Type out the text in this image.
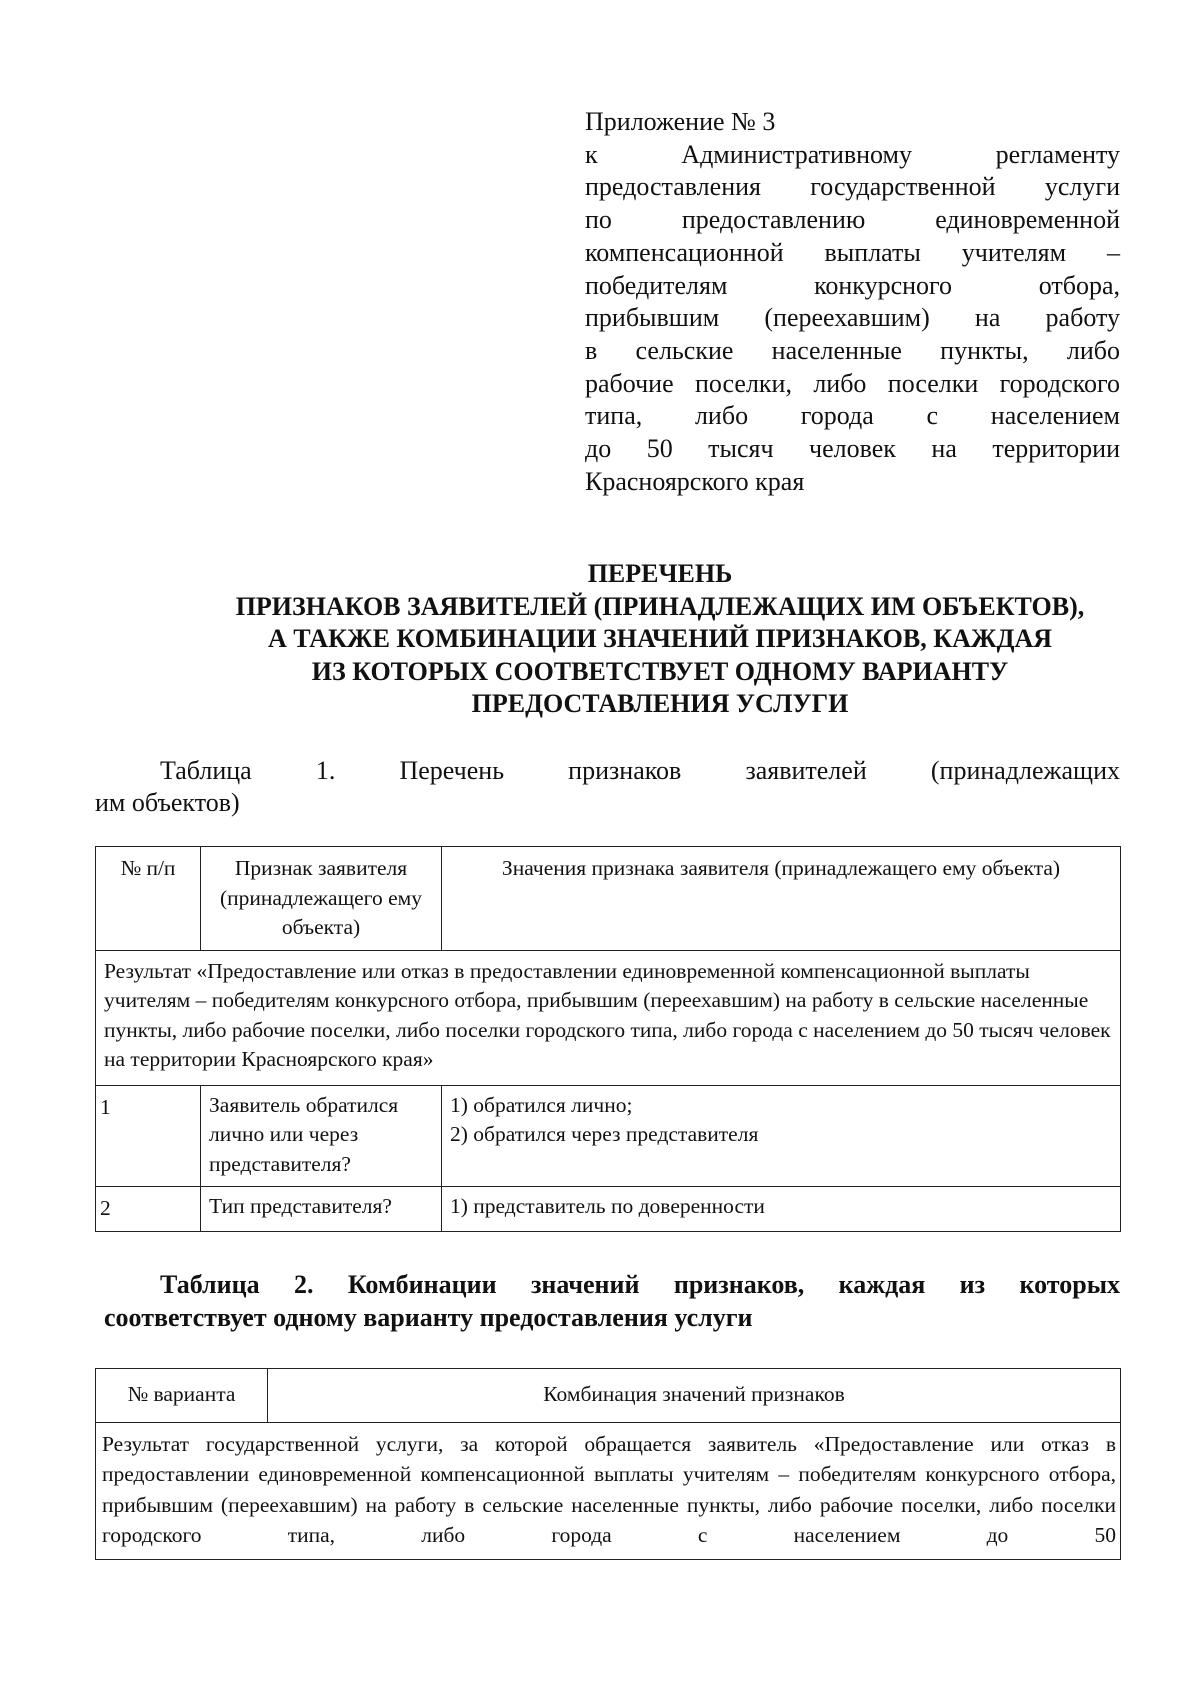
Приложение № 3
к Административному регламенту
предоставления государственной услуги
по предоставлению единовременной
компенсационной выплаты учителям –
победителям конкурсного отбора,
прибывшим (переехавшим) на работу
в сельские населенные пункты, либо
рабочие поселки, либо поселки городского
типа, либо города с населением
до 50 тысяч человек на территории
Красноярского края
ПЕРЕЧЕНЬ
ПРИЗНАКОВ ЗАЯВИТЕЛЕЙ (ПРИНАДЛЕЖАЩИХ ИМ ОБЪЕКТОВ),
А ТАКЖЕ КОМБИНАЦИИ ЗНАЧЕНИЙ ПРИЗНАКОВ, КАЖДАЯ
ИЗ КОТОРЫХ СООТВЕТСТВУЕТ ОДНОМУ ВАРИАНТУ
ПРЕДОСТАВЛЕНИЯ УСЛУГИ
Таблица 1. Перечень признаков заявителей (принадлежащих
им объектов)
№ п/п	Признак заявителя (принадлежащего ему объекта)	Значения признака заявителя (принадлежащего ему объекта)
Результат «Предоставление или отказ в предоставлении единовременной компенсационной выплаты учителям – победителям конкурсного отбора, прибывшим (переехавшим) на работу в сельские населенные пункты, либо рабочие поселки, либо поселки городского типа, либо города с населением до 50 тысяч человек на территории Красноярского края»		
1	Заявитель обратился лично или через представителя?	1) обратился лично;
2) обратился через представителя

2	Тип представителя?	1) представитель по доверенности
Таблица 2. Комбинации значений признаков, каждая из которых
соответствует одному варианту предоставления услуги
№ варианта	Комбинация значений признаков
Результат государственной услуги, за которой обращается заявитель «Предоставление или отказ в предоставлении единовременной компенсационной выплаты учителям – победителям конкурсного отбора, прибывшим (переехавшим) на работу в сельские населенные пункты, либо рабочие поселки, либо поселки городского типа, либо города с населением до 50
